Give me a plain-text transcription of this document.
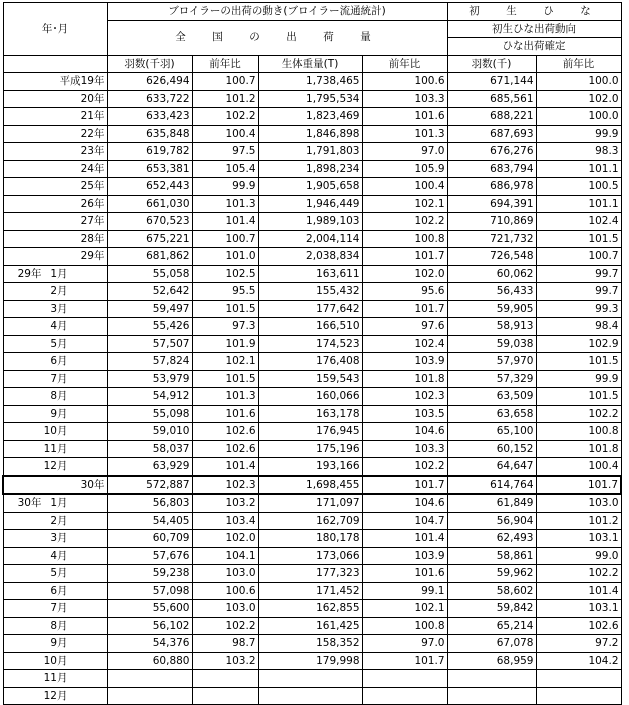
年･月	ブロイラーの出荷の動き(ブロイラー流通統計)				初　生　ひ　な	
	全　国　の　出　荷　量				初生ひな出荷動向	
					ひな出荷確定	
	羽数(千羽)	前年比	生体重量(T)	前年比	羽数(千)	前年比
平成19年	626,494	100.7	1,738,465	100.6	671,144	100.0
20年	633,722	101.2	1,795,534	103.3	685,561	102.0
21年	633,423	102.2	1,823,469	101.6	688,221	100.0
22年	635,848	100.4	1,846,898	101.3	687,693	99.9
23年	619,782	97.5	1,791,803	97.0	676,276	98.3
24年	653,381	105.4	1,898,234	105.9	683,794	101.1
25年	652,443	99.9	1,905,658	100.4	686,978	100.5
26年	661,030	101.3	1,946,449	102.1	694,391	101.1
27年	670,523	101.4	1,989,103	102.2	710,869	102.4
28年	675,221	100.7	2,004,114	100.8	721,732	101.5
29年	681,862	101.0	2,038,834	101.7	726,548	100.7
29年 1月	55,058	102.5	163,611	102.0	60,062	99.7
2月	52,642	95.5	155,432	95.6	56,433	99.7
3月	59,497	101.5	177,642	101.7	59,905	99.3
4月	55,426	97.3	166,510	97.6	58,913	98.4
5月	57,507	101.9	174,523	102.4	59,038	102.9
6月	57,824	102.1	176,408	103.9	57,970	101.5
7月	53,979	101.5	159,543	101.8	57,329	99.9
8月	54,912	101.3	160,066	102.3	63,509	101.5
9月	55,098	101.6	163,178	103.5	63,658	102.2
10月	59,010	102.6	176,945	104.6	65,100	100.8
11月	58,037	102.6	175,196	103.3	60,152	101.8
12月	63,929	101.4	193,166	102.2	64,647	100.4
30年	572,887	102.3	1,698,455	101.7	614,764	101.7
30年 1月	56,803	103.2	171,097	104.6	61,849	103.0
2月	54,405	103.4	162,709	104.7	56,904	101.2
3月	60,709	102.0	180,178	101.4	62,493	103.1
4月	57,676	104.1	173,066	103.9	58,861	99.0
5月	59,238	103.0	177,323	101.6	59,962	102.2
6月	57,098	100.6	171,452	99.1	58,602	101.4
7月	55,600	103.0	162,855	102.1	59,842	103.1
8月	56,102	102.2	161,425	100.8	65,214	102.6
9月	54,376	98.7	158,352	97.0	67,078	97.2
10月	60,880	103.2	179,998	101.7	68,959	104.2
11月						
12月						
